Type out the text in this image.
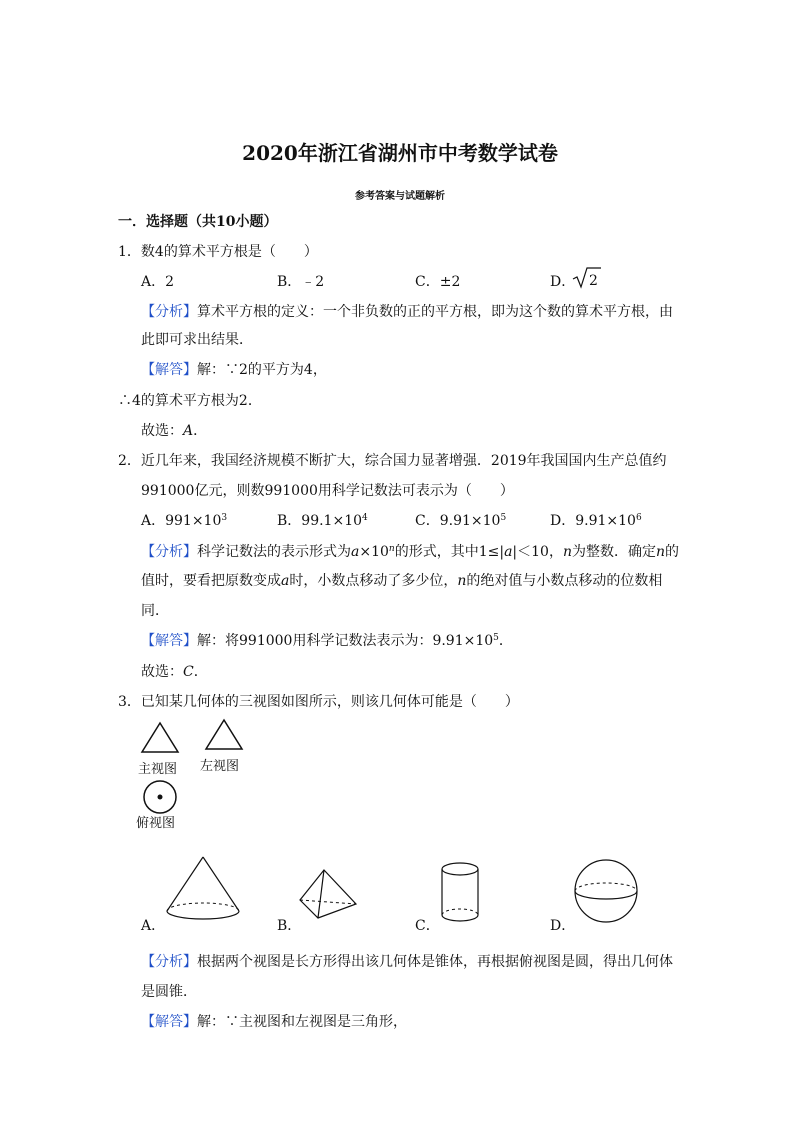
2020年浙江省湖州市中考数学试卷
参考答案与试题解析
一．选择题（共10小题）
1．数4的算术平方根是（　　）
A．2	B．﹣2	C．±2	D． 2
【分析】算术平方根的定义：一个非负数的正的平方根，即为这个数的算术平方根，由
此即可求出结果．
【解答】解：∵2的平方为4，
∴4的算术平方根为2．
故选：A．
2．近几年来，我国经济规模不断扩大，综合国力显著增强．2019年我国国内生产总值约
991000亿元，则数991000用科学记数法可表示为（　　）
A．$991\times 10^3$	B．$99.1\times 10^4$	C．$9.91\times 10^5$	D．$9.91\times 10^6$
【分析】科学记数法的表示形式为$a\times 10^n$的形式，其中1≤|a|＜10，n为整数．确定n的
值时，要看把原数变成a时，小数点移动了多少位，n的绝对值与小数点移动的位数相
同．
【解答】解：将991000用科学记数法表示为：$9.91\times 10^5$．
故选：C．
3．已知某几何体的三视图如图所示，则该几何体可能是（　　）
主视图 左视图
俯视图
A．	B．	C．	D．
【分析】根据两个视图是长方形得出该几何体是锥体，再根据俯视图是圆，得出几何体
是圆锥．
【解答】解：∵主视图和左视图是三角形，
